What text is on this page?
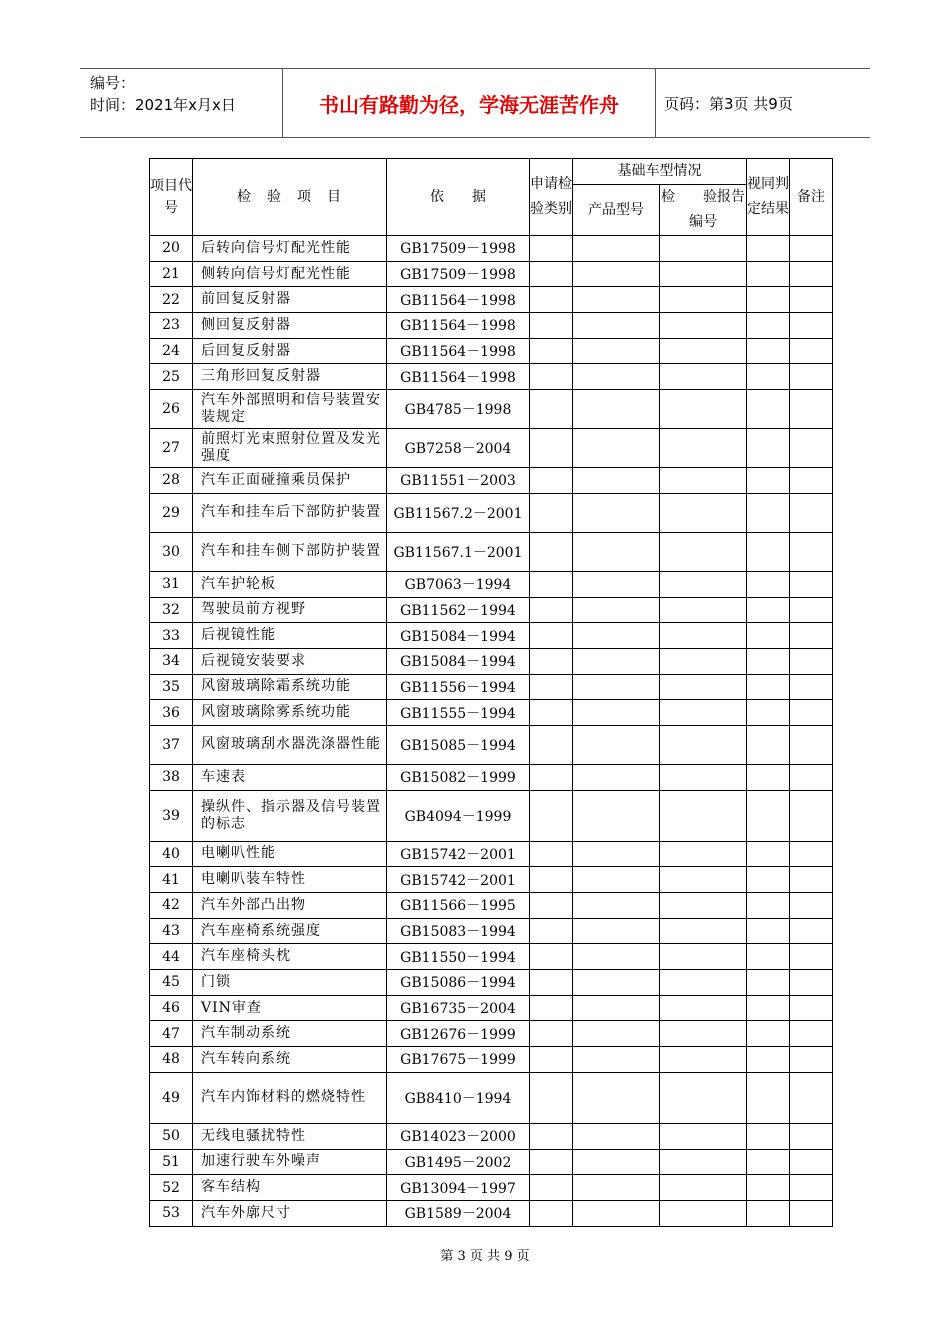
编号：
时间：2021年x月x日	书山有路勤为径，学海无涯苦作舟	页码：第3页 共9页
项目代号	检　验　项　目	依　　据	申请检验类别	基础车型情况		视同判定结果	备注
				产品型号	检　　验报告编号		

20	后转向信号灯配光性能	GB17509－1998					
21	侧转向信号灯配光性能	GB17509－1998					
22	前回复反射器	GB11564－1998					
23	侧回复反射器	GB11564－1998					
24	后回复反射器	GB11564－1998					
25	三角形回复反射器	GB11564－1998					
26	汽车外部照明和信号装置安装规定	GB4785－1998					
27	前照灯光束照射位置及发光强度	GB7258－2004					
28	汽车正面碰撞乘员保护	GB11551－2003					
29	汽车和挂车后下部防护装置	GB11567.2－2001					
30	汽车和挂车侧下部防护装置	GB11567.1－2001					
31	汽车护轮板	GB7063－1994					
32	驾驶员前方视野	GB11562－1994					
33	后视镜性能	GB15084－1994					
34	后视镜安装要求	GB15084－1994					
35	风窗玻璃除霜系统功能	GB11556－1994					
36	风窗玻璃除雾系统功能	GB11555－1994					
37	风窗玻璃刮水器洗涤器性能	GB15085－1994					
38	车速表	GB15082－1999					
39	操纵件、指示器及信号装置的标志	GB4094－1999					
40	电喇叭性能	GB15742－2001					
41	电喇叭装车特性	GB15742－2001					
42	汽车外部凸出物	GB11566－1995					
43	汽车座椅系统强度	GB15083－1994					
44	汽车座椅头枕	GB11550－1994					
45	门锁	GB15086－1994					
46	VIN审查	GB16735－2004					
47	汽车制动系统	GB12676－1999					
48	汽车转向系统	GB17675－1999					
49	汽车内饰材料的燃烧特性	GB8410－1994					
50	无线电骚扰特性	GB14023－2000					
51	加速行驶车外噪声	GB1495－2002					
52	客车结构	GB13094－1997					
53	汽车外廓尺寸	GB1589－2004					
第 3 页 共 9 页
